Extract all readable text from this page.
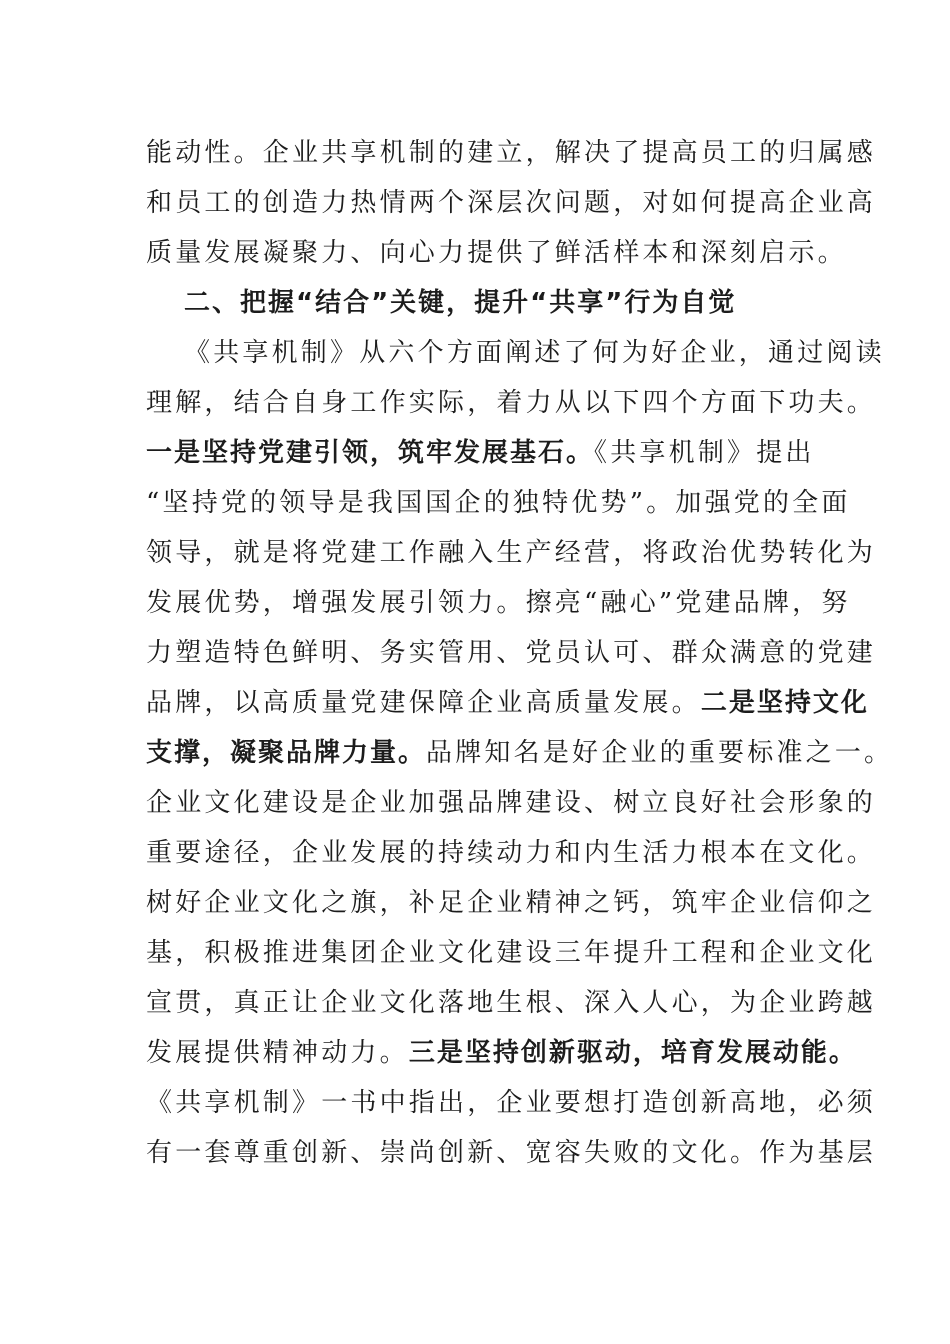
能动性。企业共享机制的建立，解决了提高员工的归属感
和员工的创造力热情两个深层次问题，对如何提高企业高
质量发展凝聚力、向心力提供了鲜活样本和深刻启示。
二、把握“结合”关键，提升“共享”行为自觉
《共享机制》从六个方面阐述了何为好企业，通过阅读
理解，结合自身工作实际，着力从以下四个方面下功夫。
一是坚持党建引领，筑牢发展基石。《共享机制》提出
“坚持党的领导是我国国企的独特优势”。加强党的全面
领导，就是将党建工作融入生产经营，将政治优势转化为
发展优势，增强发展引领力。擦亮“融心”党建品牌，努
力塑造特色鲜明、务实管用、党员认可、群众满意的党建
品牌，以高质量党建保障企业高质量发展。二是坚持文化
支撑，凝聚品牌力量。品牌知名是好企业的重要标准之一。
企业文化建设是企业加强品牌建设、树立良好社会形象的
重要途径，企业发展的持续动力和内生活力根本在文化。
树好企业文化之旗，补足企业精神之钙，筑牢企业信仰之
基，积极推进集团企业文化建设三年提升工程和企业文化
宣贯，真正让企业文化落地生根、深入人心，为企业跨越
发展提供精神动力。三是坚持创新驱动，培育发展动能。
《共享机制》一书中指出，企业要想打造创新高地，必须
有一套尊重创新、崇尚创新、宽容失败的文化。作为基层
